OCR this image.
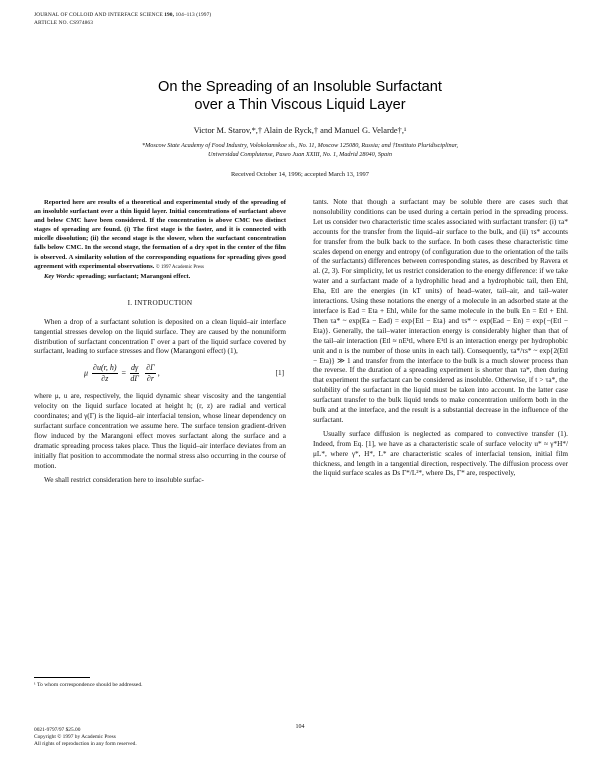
JOURNAL OF COLLOID AND INTERFACE SCIENCE 190, 104–113 (1997)
ARTICLE NO. CS974863
On the Spreading of an Insoluble Surfactant
over a Thin Viscous Liquid Layer
Victor M. Starov,*,† Alain de Ryck,† and Manuel G. Velarde†,¹
*Moscow State Academy of Food Industry, Volokolamskoe sh., No. 11, Moscow 125080, Russia; and †Instituto Pluridisciplinar,
Universidad Complutense, Paseo Juan XXIII, No. 1, Madrid 28040, Spain
Received October 14, 1996; accepted March 13, 1997

Reported here are results of a theoretical and experimental study of the spreading of an insoluble surfactant over a thin liquid layer. Initial concentrations of surfactant above and below CMC have been considered. If the concentration is above CMC two distinct stages of spreading are found. (i) The first stage is the faster, and it is connected with micelle dissolution; (ii) the second stage is the slower, when the surfactant concentration falls below CMC. In the second stage, the formation of a dry spot in the center of the film is observed. A similarity solution of the corresponding equations for spreading gives good agreement with experimental observations. © 1997 Academic Press

Key Words: spreading; surfactant; Marangoni effect.

I. INTRODUCTION

When a drop of a surfactant solution is deposited on a clean liquid–air interface tangential stresses develop on the liquid surface. They are caused by the nonuniform distribution of surfactant concentration Γ over a part of the liquid surface covered by surfactant, leading to surface stresses and flow (Marangoni effect) (1),

μ $\frac{\partial u(r, h)}{\partial z} = \frac{d\gamma}{d\Gamma}$
$\frac{\partial\Gamma}{\partial r}$ ,	[1]

where μ, u are, respectively, the liquid dynamic shear viscosity and the tangential velocity on the liquid surface located at height h; (r, z) are radial and vertical coordinates; and γ(Γ) is the liquid–air interfacial tension, whose linear dependency on surfactant surface concentration we assume here. The surface tension gradient-driven flow induced by the Marangoni effect moves surfactant along the surface and a dramatic spreading process takes place. Thus the liquid–air interface deviates from an initially flat position to accommodate the normal stress also occurring in the course of motion.

We shall restrict consideration here to insoluble surfac-

tants. Note that though a surfactant may be soluble there are cases such that nonsolubility conditions can be used during a certain period in the spreading process. Let us consider two characteristic time scales associated with surfactant transfer: (i) τa* accounts for the transfer from the liquid–air surface to the bulk, and (ii) τs* accounts for transfer from the bulk back to the surface. In both cases these characteristic time scales depend on energy and entropy (of configuration due to the orientation of the tails of the surfactants) differences between corresponding states, as described by Ravera et al. (2, 3). For simplicity, let us restrict consideration to the energy difference: if we take water and a surfactant made of a hydrophilic head and a hydrophobic tail, then Ehl, Eha, Etl are the energies (in kT units) of head–water, tail–air, and tail–water interactions. Using these notations the energy of a molecule in an adsorbed state at the interface is Ead = Eta + Ehl, while for the same molecule in the bulk En = Etl + Ehl. Then τa* ~ exp(Ea − Ead) = exp{Etl − Eta} and τs* ~ exp(Ead − En) = exp{−(Etl − Eta)}. Generally, the tail–water interaction energy is considerably higher than that of the tail–air interaction (Etl ≈ nE¹tl, where E¹tl is an interaction energy per hydrophobic unit and n is the number of those units in each tail). Consequently, τa*/τs* ~ exp{2(Etl − Eta)} ≫ 1 and transfer from the interface to the bulk is a much slower process than the reverse. If the duration of a spreading experiment is shorter than τa*, then during that experiment the surfactant can be considered as insoluble. Otherwise, if t > τa*, the solubility of the surfactant in the liquid must be taken into account. In the latter case surfactant transfer to the bulk liquid tends to make concentration uniform both in the bulk and at the interface, and the result is a substantial decrease in the influence of the surfactant.

Usually surface diffusion is neglected as compared to convective transfer (1). Indeed, from Eq. [1], we have as a characteristic scale of surface velocity u* ≈ γ*H*/μL*, where γ*, H*, L* are characteristic scales of interfacial tension, initial film thickness, and length in a tangential direction, respectively. The diffusion process over the liquid surface scales as Ds Γ*/L²*, where Ds, Γ* are, respectively,

¹ To whom correspondence should be addressed.
0021-9797/97 $25.00
Copyright © 1997 by Academic Press
All rights of reproduction in any form reserved.
104
